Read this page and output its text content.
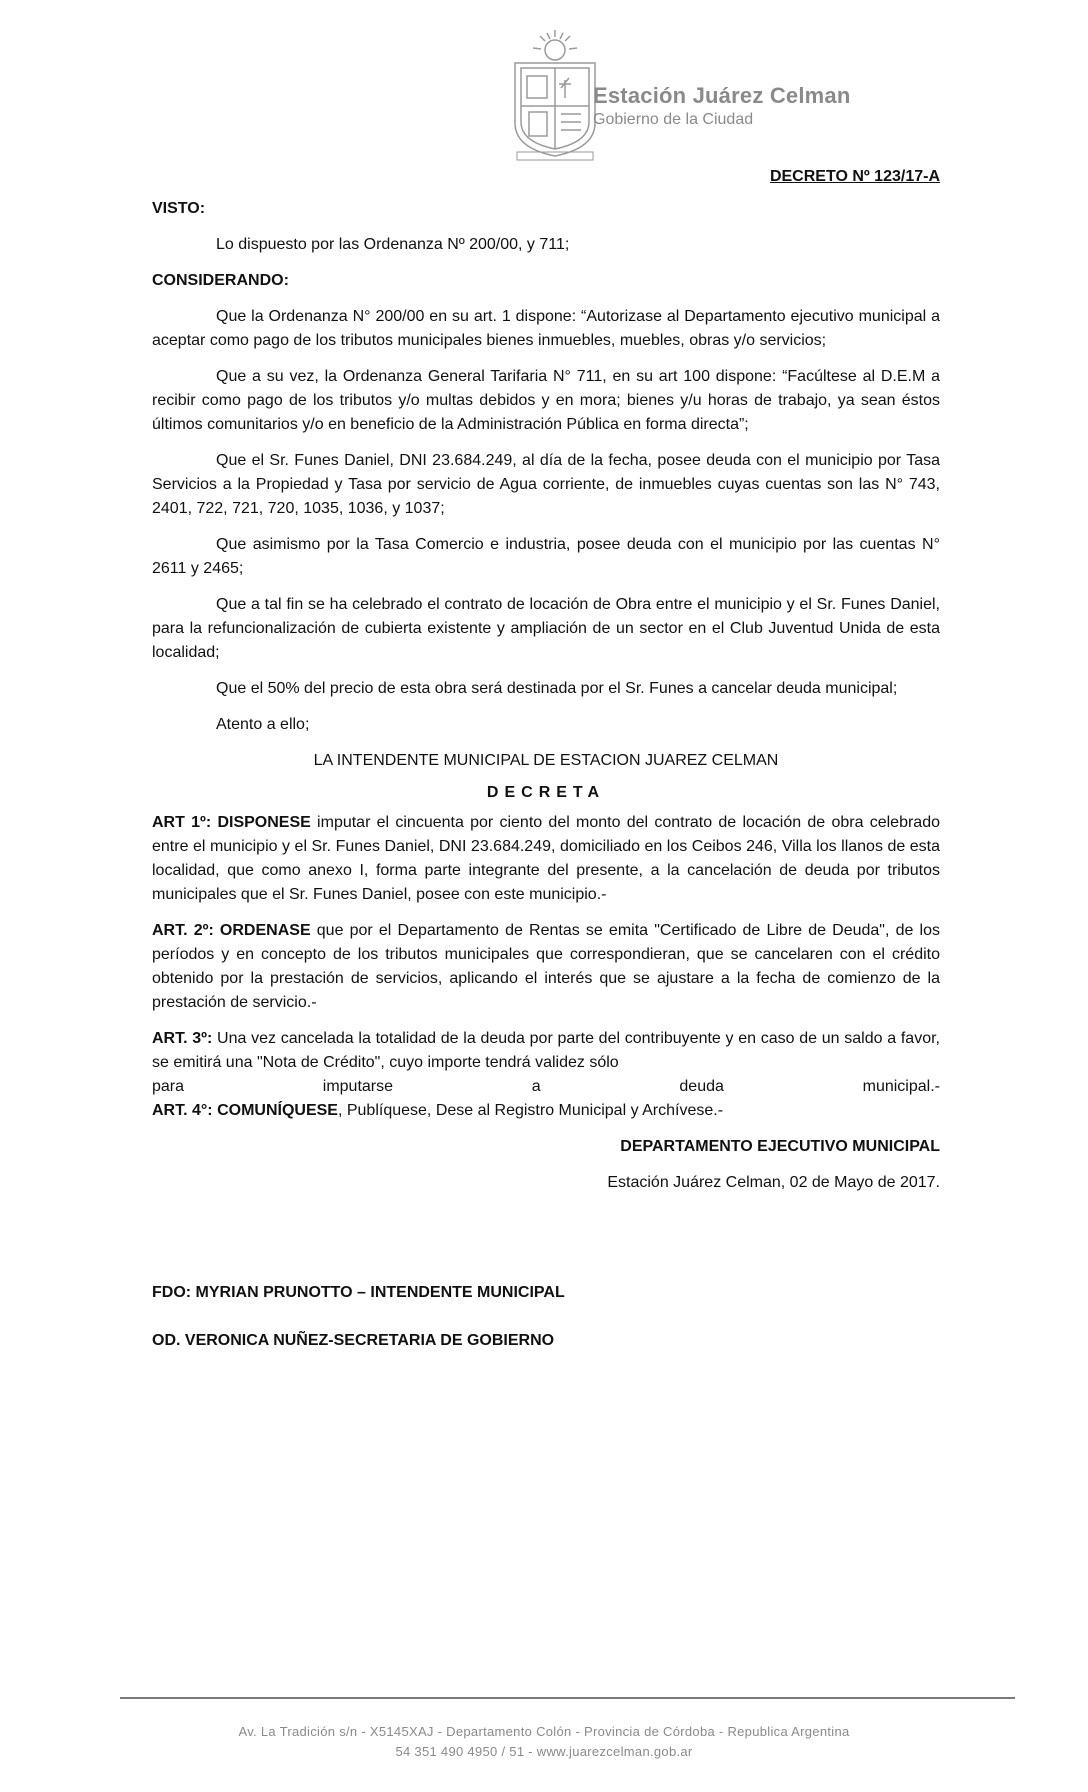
Estación Juárez Celman
Gobierno de la Ciudad
DECRETO Nº 123/17-A
VISTO:
Lo dispuesto por las Ordenanza Nº 200/00, y 711;
CONSIDERANDO:

Que la Ordenanza N° 200/00 en su art. 1 dispone: “Autorizase al Departamento ejecutivo municipal a aceptar como pago de los tributos municipales bienes inmuebles, muebles, obras y/o servicios;

Que a su vez, la Ordenanza General Tarifaria N° 711, en su art 100 dispone: “Facúltese al D.E.M a recibir como pago de los tributos y/o multas debidos y en mora; bienes y/u horas de trabajo, ya sean éstos últimos comunitarios y/o en beneficio de la Administración Pública en forma directa”;

Que el Sr. Funes Daniel, DNI 23.684.249, al día de la fecha, posee deuda con el municipio por Tasa Servicios a la Propiedad y Tasa por servicio de Agua corriente, de inmuebles cuyas cuentas son las N° 743, 2401, 722, 721, 720, 1035, 1036, y 1037;

Que asimismo por la Tasa Comercio e industria, posee deuda con el municipio por las cuentas N° 2611 y 2465;

Que a tal fin se ha celebrado el contrato de locación de Obra entre el municipio y el Sr. Funes Daniel, para la refuncionalización de cubierta existente y ampliación de un sector en el Club Juventud Unida de esta localidad;

Que el 50% del precio de esta obra será destinada por el Sr. Funes a cancelar deuda municipal;

Atento a ello;
LA INTENDENTE MUNICIPAL DE ESTACION JUAREZ CELMAN
DECRETA

ART 1º: DISPONESE imputar el cincuenta por ciento del monto del contrato de locación de obra celebrado entre el municipio y el Sr. Funes Daniel, DNI 23.684.249, domiciliado en los Ceibos 246, Villa los llanos de esta localidad, que como anexo I, forma parte integrante del presente, a la cancelación de deuda por tributos municipales que el Sr. Funes Daniel, posee con este municipio.-

ART. 2º: ORDENASE que por el Departamento de Rentas se emita "Certificado de Libre de Deuda", de los períodos y en concepto de los tributos municipales que correspondieran, que se cancelaren con el crédito obtenido por la prestación de servicios, aplicando el interés que se ajustare a la fecha de comienzo de la prestación de servicio.-

ART. 3º: Una vez cancelada la totalidad de la deuda por parte del contribuyente y en caso de un saldo a favor, se emitirá una "Nota de Crédito", cuyo importe tendrá validez sólo

para	imputarse	a	deuda	municipal.-

ART. 4°: COMUNÍQUESE, Publíquese, Dese al Registro Municipal y Archívese.-

DEPARTAMENTO EJECUTIVO MUNICIPAL
Estación Juárez Celman, 02 de Mayo de 2017.
FDO: MYRIAN PRUNOTTO – INTENDENTE MUNICIPAL
OD. VERONICA NUÑEZ-SECRETARIA DE GOBIERNO
Av. La Tradición s/n - X5145XAJ - Departamento Colón - Provincia de Córdoba - Republica Argentina
54 351 490 4950 / 51 - www.juarezcelman.gob.ar
